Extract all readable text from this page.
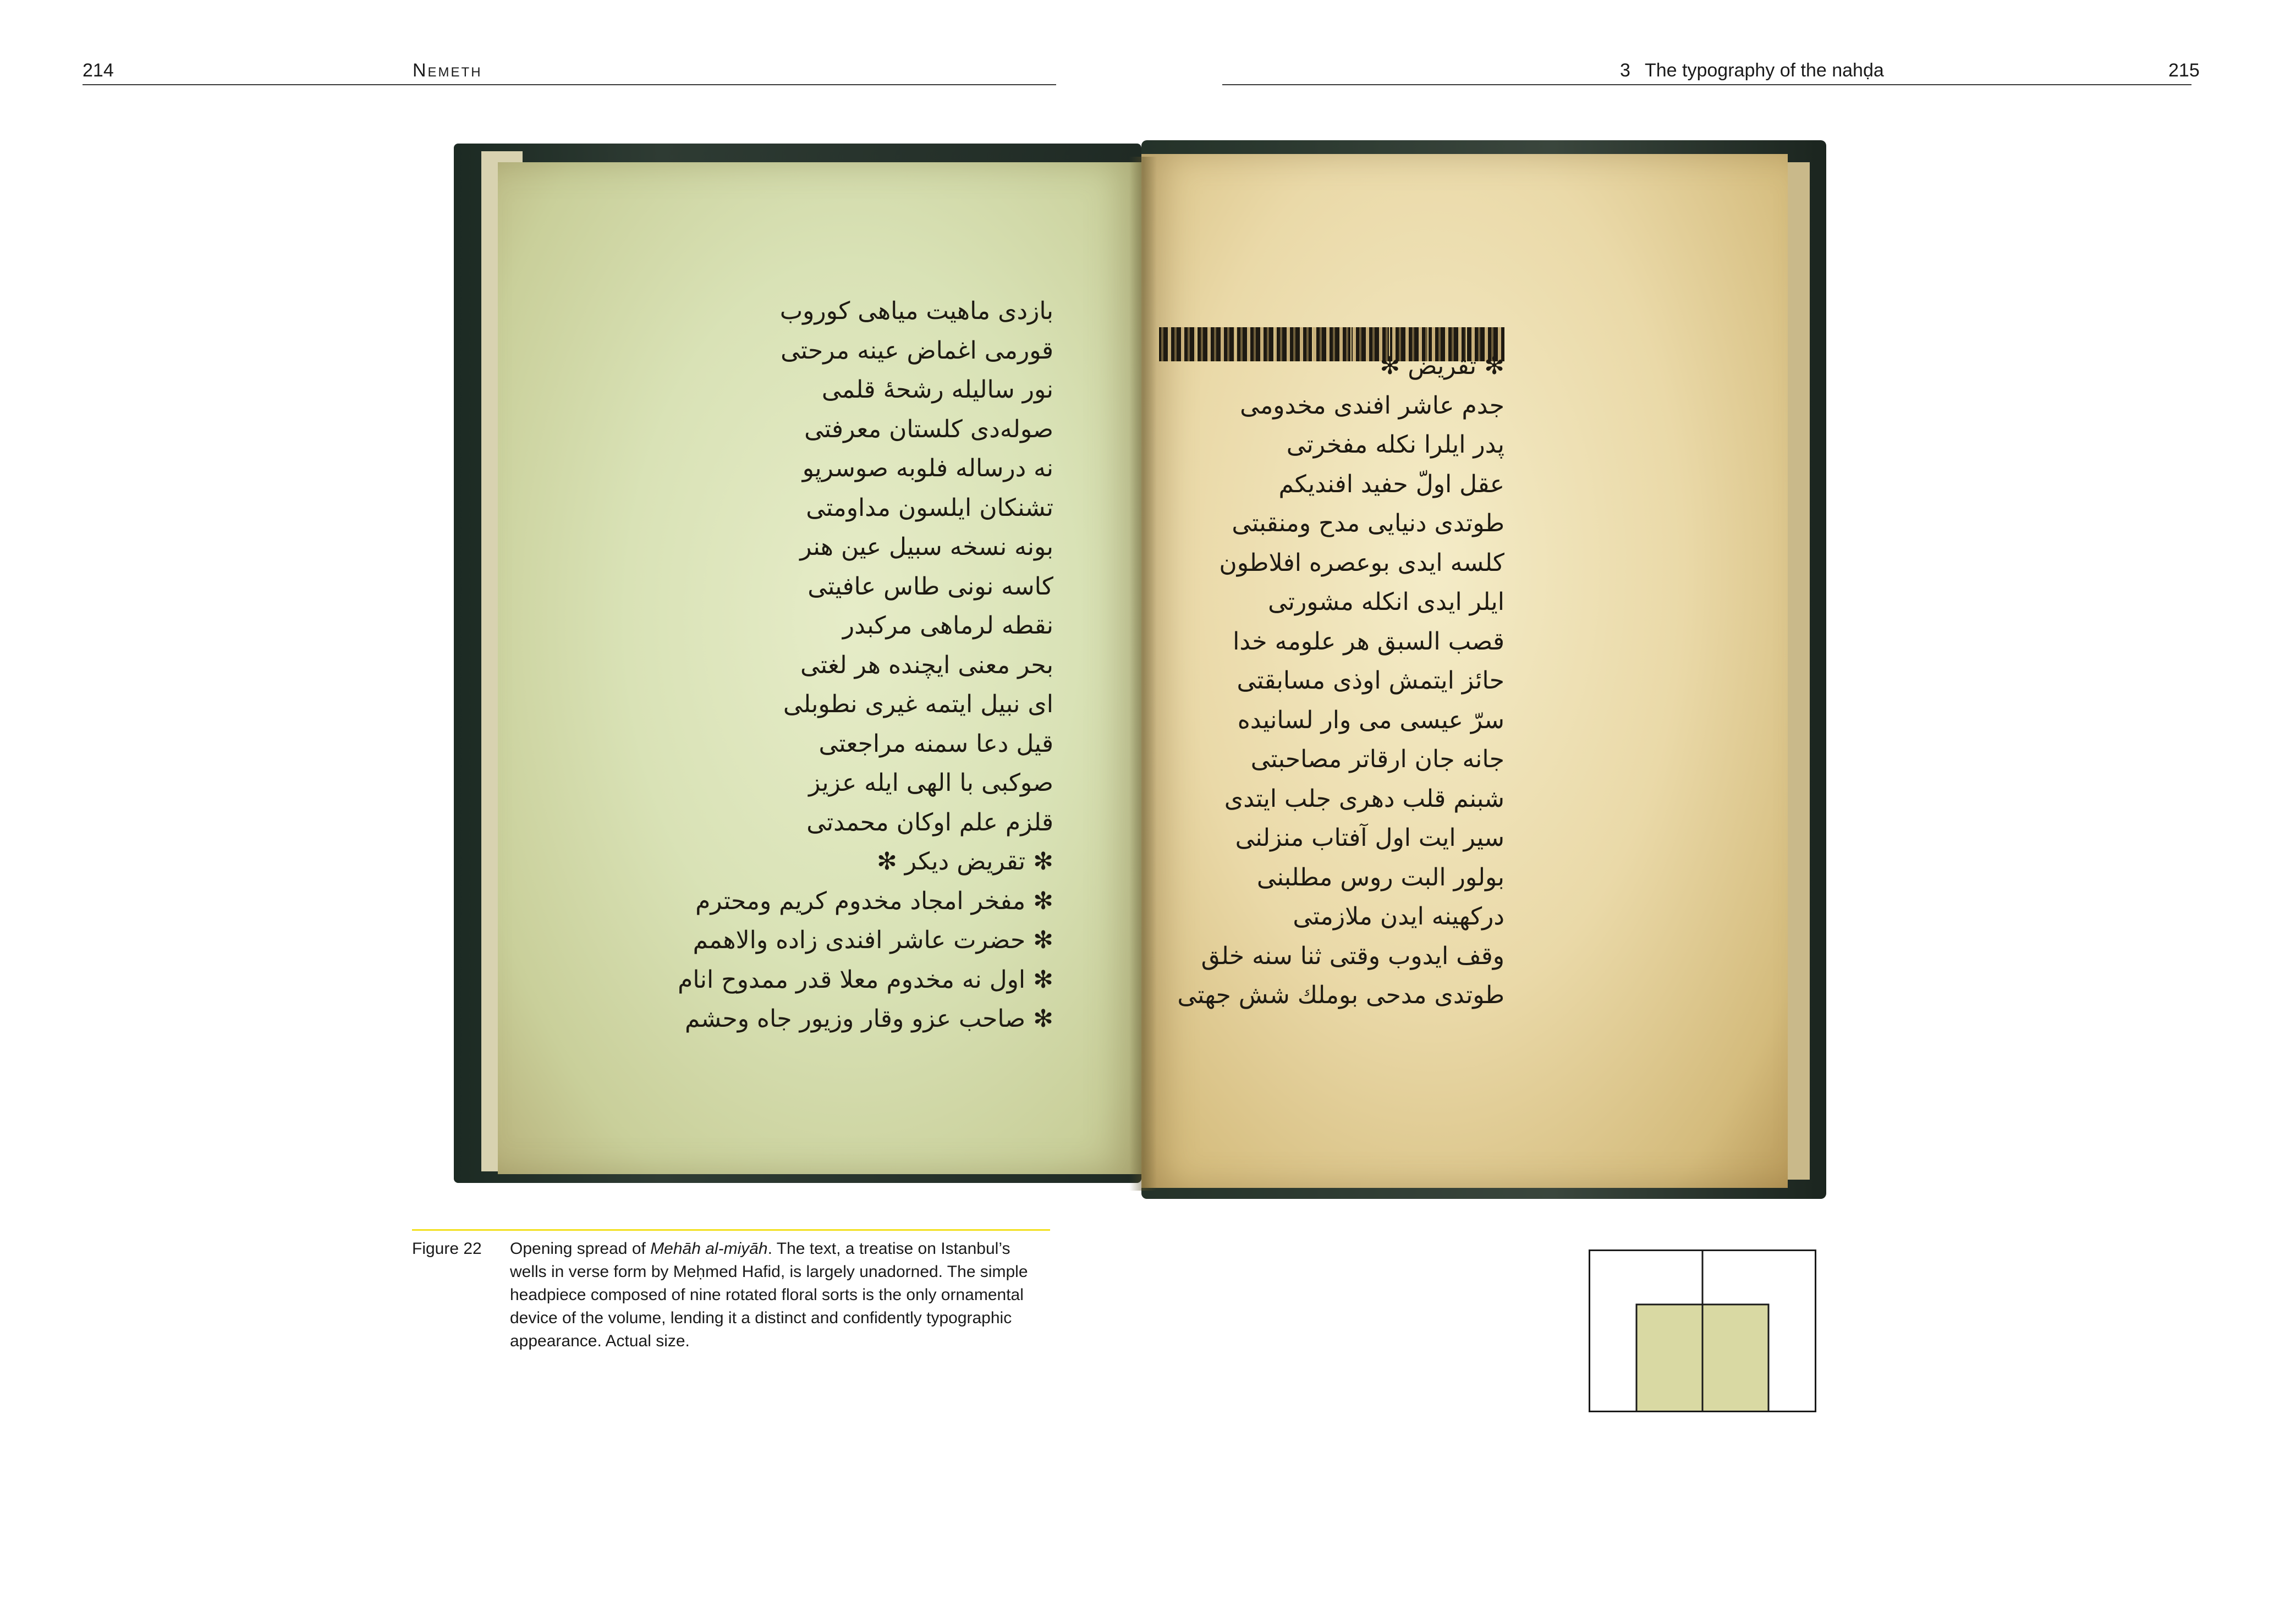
214	Nemeth	3 The typography of the nahḍa	215
بازدى ماهيت مياهى كوروب
قورمى اغماض عينه مرحتى
نور ساليله رشحۀ قلمى
صوله‌دى كلستان معرفتى
نه درساله فلوبه صوسرپو
تشنكان ايلسون مداومتى
بونه نسخه سبيل عين هنر
كاسه‌ نونى طاس عافيتى
نقطه لرماهى مركبدر
بحر معنى ايچنده هر لغتى
اى نبيل ايتمه غيرى نطوبلى
قيل دعا سمنه مراجعتى
صوكبى با الهى ايله عزيز
قلزم علم اوكان محمدتى
✻ تقريض ديكر ✻
✻ مفخر امجاد مخدوم كريم ومحترم
✻ حضرت عاشر افندى زاده والاهمم
✻ اول نه مخدوم معلا قدر ممدوح انام
✻ صاحب عزو وقار وزيور جاه وحشم
✻ تقريض ✻
جدم عاشر افندى مخدومى
پدر ايلرا نكله مفخرتى
عقل اولّ حفيد افنديكم
طوتدى دنيايى مدح ومنقبتى
كلسه ايدى بوعصره افلاطون
ايلر ايدى انكله مشورتى
قصب السبق هر علومه خدا
حائز ايتمش اوذى مسابقتى
سرّ عيسى مى وار لسانيده
جانه جان ارقاتر مصاحبتى
شبنم قلب دهرى جلب ايتدى
سير ايت اول آفتاب منزلنى
بولور البت روس مطلبنى
دركهينه ايدن ملازمتى
وقف ايدوب وقتى ثنا سنه خلق
طوتدى مدحى بوملك شش جهتى
Figure 22 Opening spread of Mehāh al-miyāh. The text, a treatise on Istanbul’s wells in verse form by Meḥmed Hafid, is largely unadorned. The simple headpiece composed of nine rotated floral sorts is the only ornamental device of the volume, lending it a distinct and confidently typographic appearance. Actual size.
